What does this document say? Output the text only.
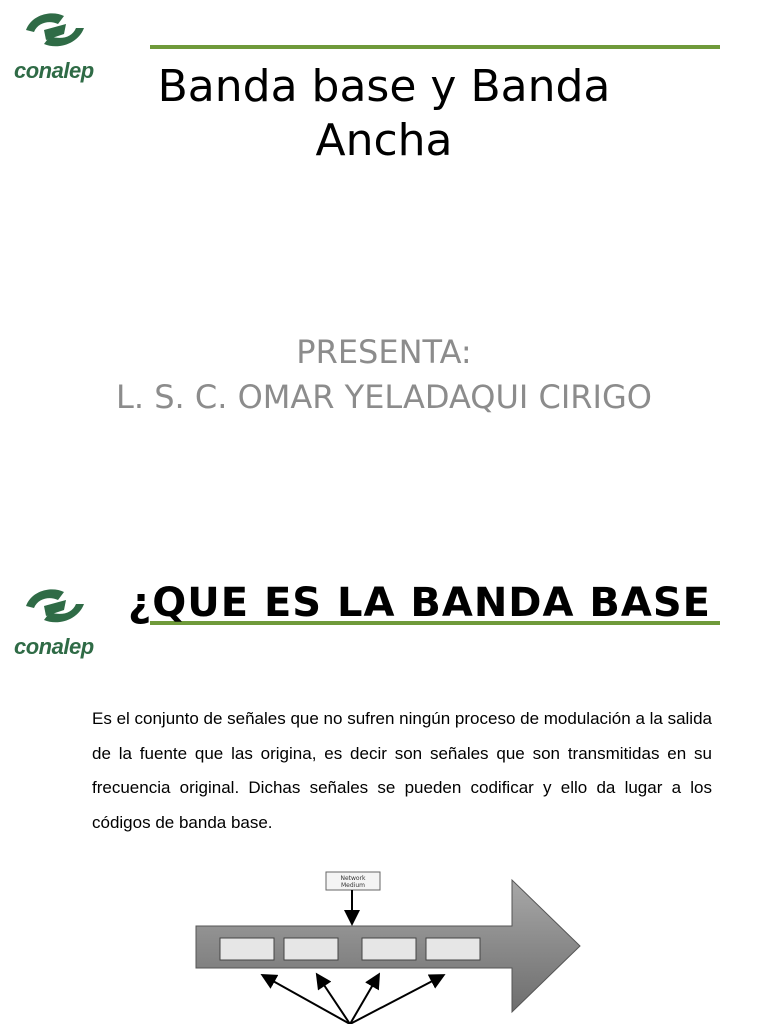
conalep	Banda base y Banda Ancha
PRESENTA:
L. S. C. OMAR YELADAQUI CIRIGO
conalep
¿QUE ES LA BANDA BASE
Es el conjunto de señales que no sufren ningún proceso de modulación a la salida de la fuente que las origina, es decir son señales que son transmitidas en su frecuencia original. Dichas señales se pueden codificar y ello da lugar a los códigos de banda base.
Network
Medium
